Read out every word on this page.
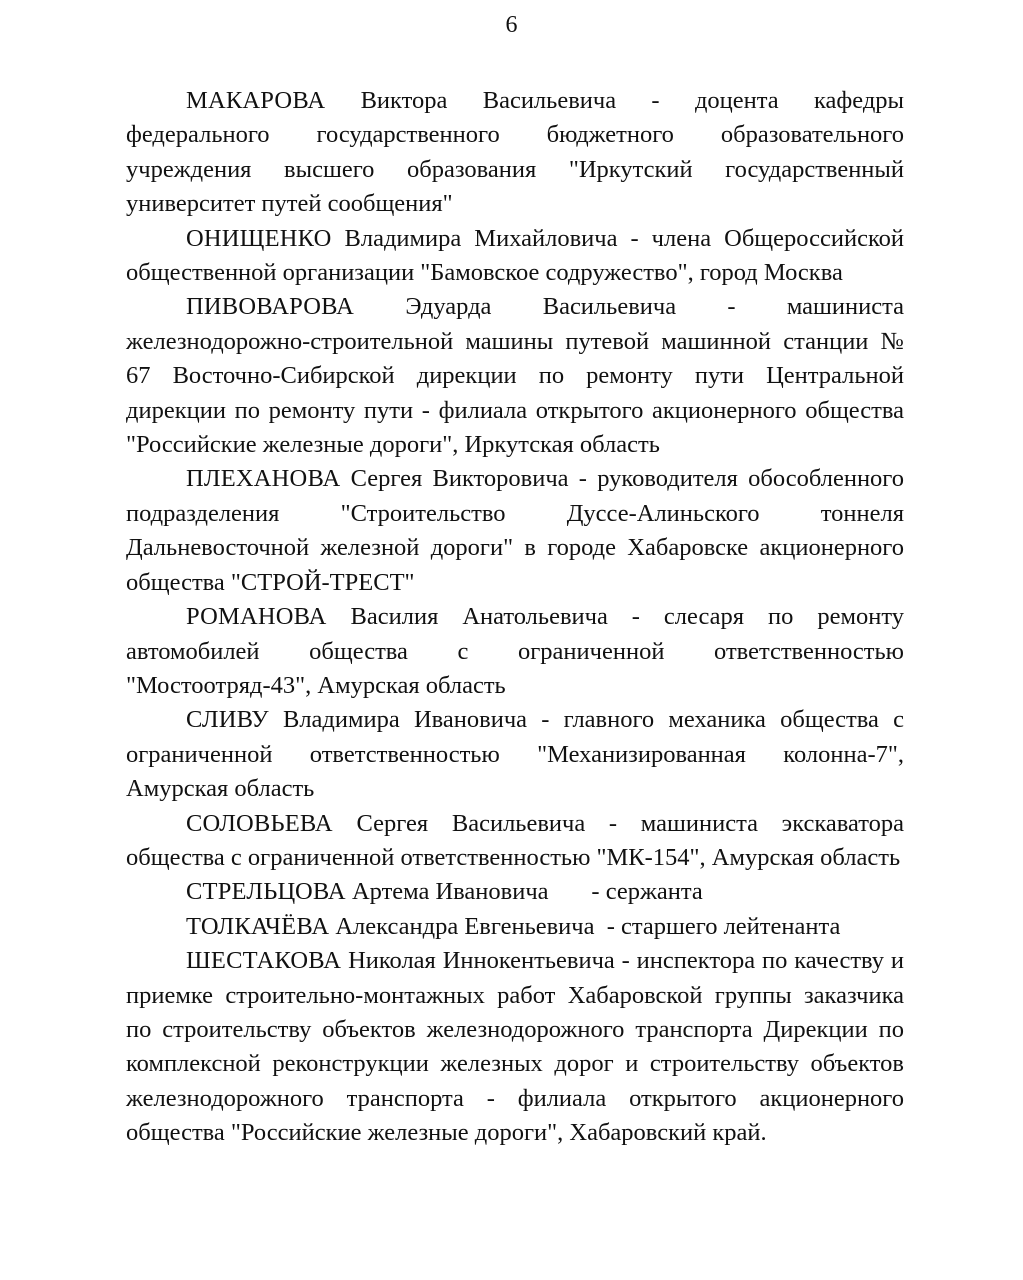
6

МАКАРОВА Виктора Васильевича - доцента кафедры федерального государственного бюджетного образовательного учреждения высшего образования "Иркутский государственный университет путей сообщения"

ОНИЩЕНКО Владимира Михайловича - члена Общероссийской общественной организации "Бамовское содружество", город Москва

ПИВОВАРОВА Эдуарда Васильевича - машиниста железнодорожно-строительной машины путевой машинной станции № 67 Восточно-Сибирской дирекции по ремонту пути Центральной дирекции по ремонту пути - филиала открытого акционерного общества "Российские железные дороги", Иркутская область

ПЛЕХАНОВА Сергея Викторовича - руководителя обособленного подразделения "Строительство Дуссе-Алиньского тоннеля Дальневосточной железной дороги" в городе Хабаровске акционерного общества "СТРОЙ-ТРЕСТ"

РОМАНОВА Василия Анатольевича - слесаря по ремонту автомобилей общества с ограниченной ответственностью "Мостоотряд-43", Амурская область

СЛИВУ Владимира Ивановича - главного механика общества с ограниченной ответственностью "Механизированная колонна-7", Амурская область

СОЛОВЬЕВА Сергея Васильевича - машиниста экскаватора общества с ограниченной ответственностью "МК-154", Амурская область

СТРЕЛЬЦОВА Артема Ивановича       - сержанта

ТОЛКАЧЁВА Александра Евгеньевича  - старшего лейтенанта

ШЕСТАКОВА Николая Иннокентьевича - инспектора по качеству и приемке строительно-монтажных работ Хабаровской группы заказчика по строительству объектов железнодорожного транспорта Дирекции по комплексной реконструкции железных дорог и строительству объектов железнодорожного транспорта - филиала открытого акционерного общества "Российские железные дороги", Хабаровский край.
